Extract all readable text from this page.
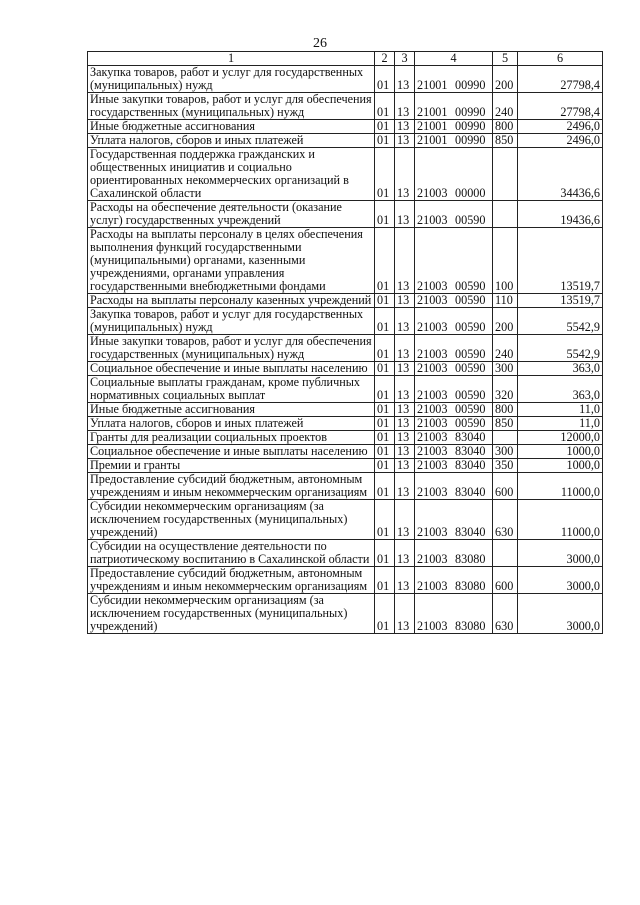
26
1	2	3	4	5	6
Закупка товаров, работ и услуг для государственных (муниципальных) нужд	01	13	21001 00990	200	27798,4
Иные закупки товаров, работ и услуг для обеспечения государственных (муниципальных) нужд	01	13	21001 00990	240	27798,4
Иные бюджетные ассигнования	01	13	21001 00990	800	2496,0
Уплата налогов, сборов и иных платежей	01	13	21001 00990	850	2496,0
Государственная поддержка гражданских и общественных инициатив и социально ориентированных некоммерческих организаций в Сахалинской области	01	13	21003 00000		34436,6
Расходы на обеспечение деятельности (оказание услуг) государственных учреждений	01	13	21003 00590		19436,6
Расходы на выплаты персоналу в целях обеспечения выполнения функций государственными (муниципальными) органами, казенными учреждениями, органами управления государственными внебюджетными фондами	01	13	21003 00590	100	13519,7
Расходы на выплаты персоналу казенных учреждений	01	13	21003 00590	110	13519,7
Закупка товаров, работ и услуг для государственных (муниципальных) нужд	01	13	21003 00590	200	5542,9
Иные закупки товаров, работ и услуг для обеспечения государственных (муниципальных) нужд	01	13	21003 00590	240	5542,9
Социальное обеспечение и иные выплаты населению	01	13	21003 00590	300	363,0
Социальные выплаты гражданам, кроме публичных нормативных социальных выплат	01	13	21003 00590	320	363,0
Иные бюджетные ассигнования	01	13	21003 00590	800	11,0
Уплата налогов, сборов и иных платежей	01	13	21003 00590	850	11,0
Гранты для реализации социальных проектов	01	13	21003 83040		12000,0
Социальное обеспечение и иные выплаты населению	01	13	21003 83040	300	1000,0
Премии и гранты	01	13	21003 83040	350	1000,0
Предоставление субсидий бюджетным, автономным учреждениям и иным некоммерческим организациям	01	13	21003 83040	600	11000,0
Субсидии некоммерческим организациям (за исключением государственных (муниципальных) учреждений)	01	13	21003 83040	630	11000,0
Субсидии на осуществление деятельности по патриотическому воспитанию в Сахалинской области	01	13	21003 83080		3000,0
Предоставление субсидий бюджетным, автономным учреждениям и иным некоммерческим организациям	01	13	21003 83080	600	3000,0
Субсидии некоммерческим организациям (за исключением государственных (муниципальных) учреждений)	01	13	21003 83080	630	3000,0
